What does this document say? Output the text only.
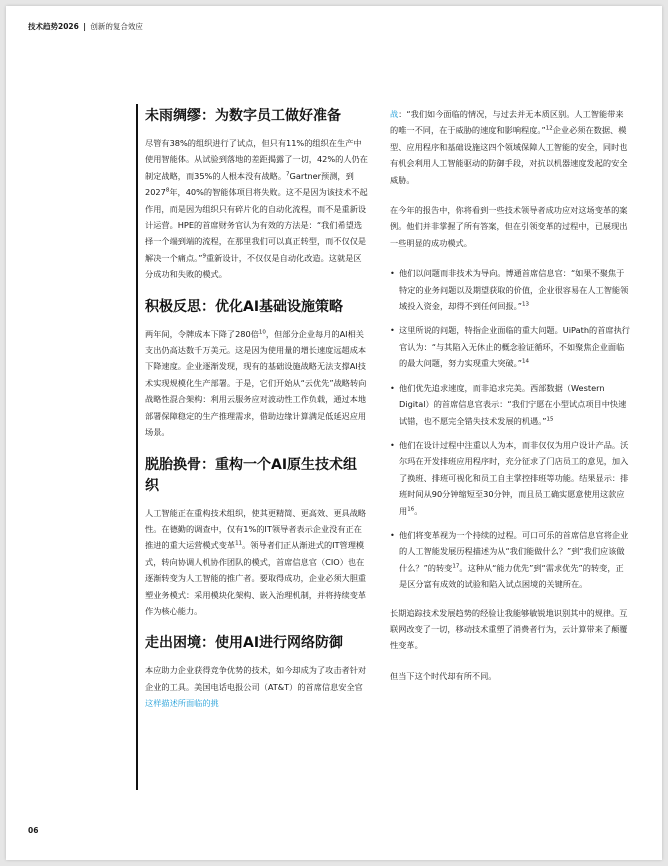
技术趋势2026 | 创新的复合效应
未雨绸缪：为数字员工做好准备

尽管有38%的组织进行了试点，但只有11%的组织在生产中使用智能体。从试验到落地的差距揭露了一切，42%的人仍在制定战略，而35%的人根本没有战略。$^7$Gartner预测，到2027$^8$年，40%的智能体项目将失败。这不是因为该技术不起作用，而是因为组织只有碎片化的自动化流程，而不是重新设计运营。HPE的首席财务官认为有效的方法是：“我们希望选择一个端到端的流程，在那里我们可以真正转型，而不仅仅是解决一个痛点。”$^9$重新设计，不仅仅是自动化改造。这就是区分成功和失败的模式。

积极反思：优化AI基础设施策略

两年间，令牌成本下降了280倍$^{10}$，但部分企业每月的AI相关支出仍高达数千万美元。这是因为使用量的增长速度远超成本下降速度。企业逐渐发现，现有的基础设施战略无法支撑AI技术实现规模化生产部署。于是，它们开始从“云优先”战略转向战略性混合架构：利用云服务应对波动性工作负载，通过本地部署保障稳定的生产推理需求，借助边缘计算满足低延迟应用场景。

脱胎换骨：重构一个AI原生技术组织

人工智能正在重构技术组织，使其更精简、更高效、更具战略性。在德勤的调查中，仅有1%的IT领导者表示企业没有正在推进的重大运营模式变革$^{11}$。领导者们正从渐进式的IT管理模式，转向协调人机协作团队的模式，首席信息官（CIO）也在逐渐转变为人工智能的推广者。要取得成功，企业必须大胆重塑业务模式：采用模块化架构、嵌入治理机制，并将持续变革作为核心能力。

走出困境：使用AI进行网络防御

本应助力企业获得竞争优势的技术，如今却成为了攻击者针对企业的工具。美国电话电报公司（AT&T）的首席信息安全官这样描述所面临的挑

战：“我们如今面临的情况，与过去并无本质区别。人工智能带来的唯一不同，在于威胁的速度和影响程度。”$^{12}$企业必须在数据、模型、应用程序和基础设施这四个领域保障人工智能的安全，同时也有机会利用人工智能驱动的防御手段，对抗以机器速度发起的安全威胁。

在今年的报告中，你将看到一些技术领导者成功应对这场变革的案例。他们并非掌握了所有答案，但在引领变革的过程中，已展现出一些明显的成功模式。

• 他们以问题而非技术为导向。博通首席信息官：“如果不聚焦于特定的业务问题以及期望获取的价值，企业很容易在人工智能领域投入资金，却得不到任何回报。”$^{13}$
• 这里所说的问题，特指企业面临的重大问题。UiPath的首席执行官认为：“与其陷入无休止的概念验证循环，不如聚焦企业面临的最大问题，努力实现重大突破。”$^{14}$
• 他们优先追求速度，而非追求完美。西部数据（Western Digital）的首席信息官表示：“我们宁愿在小型试点项目中快速试错，也不愿完全错失技术发展的机遇。”$^{15}$
• 他们在设计过程中注重以人为本，而非仅仅为用户设计产品。沃尔玛在开发排班应用程序时，充分征求了门店员工的意见，加入了换班、排班可视化和员工自主掌控排班等功能。结果显示：排班时间从90分钟缩短至30分钟，而且员工确实愿意使用这款应用$^{16}$。
• 他们将变革视为一个持续的过程。可口可乐的首席信息官将企业的人工智能发展历程描述为从“我们能做什么？”到“我们应该做什么？”的转变$^{17}$。这种从“能力优先”到“需求优先”的转变，正是区分富有成效的试验和陷入试点困境的关键所在。

长期追踪技术发展趋势的经验让我能够敏锐地识别其中的规律。互联网改变了一切，移动技术重塑了消费者行为，云计算带来了颠覆性变革。

但当下这个时代却有所不同。

06
